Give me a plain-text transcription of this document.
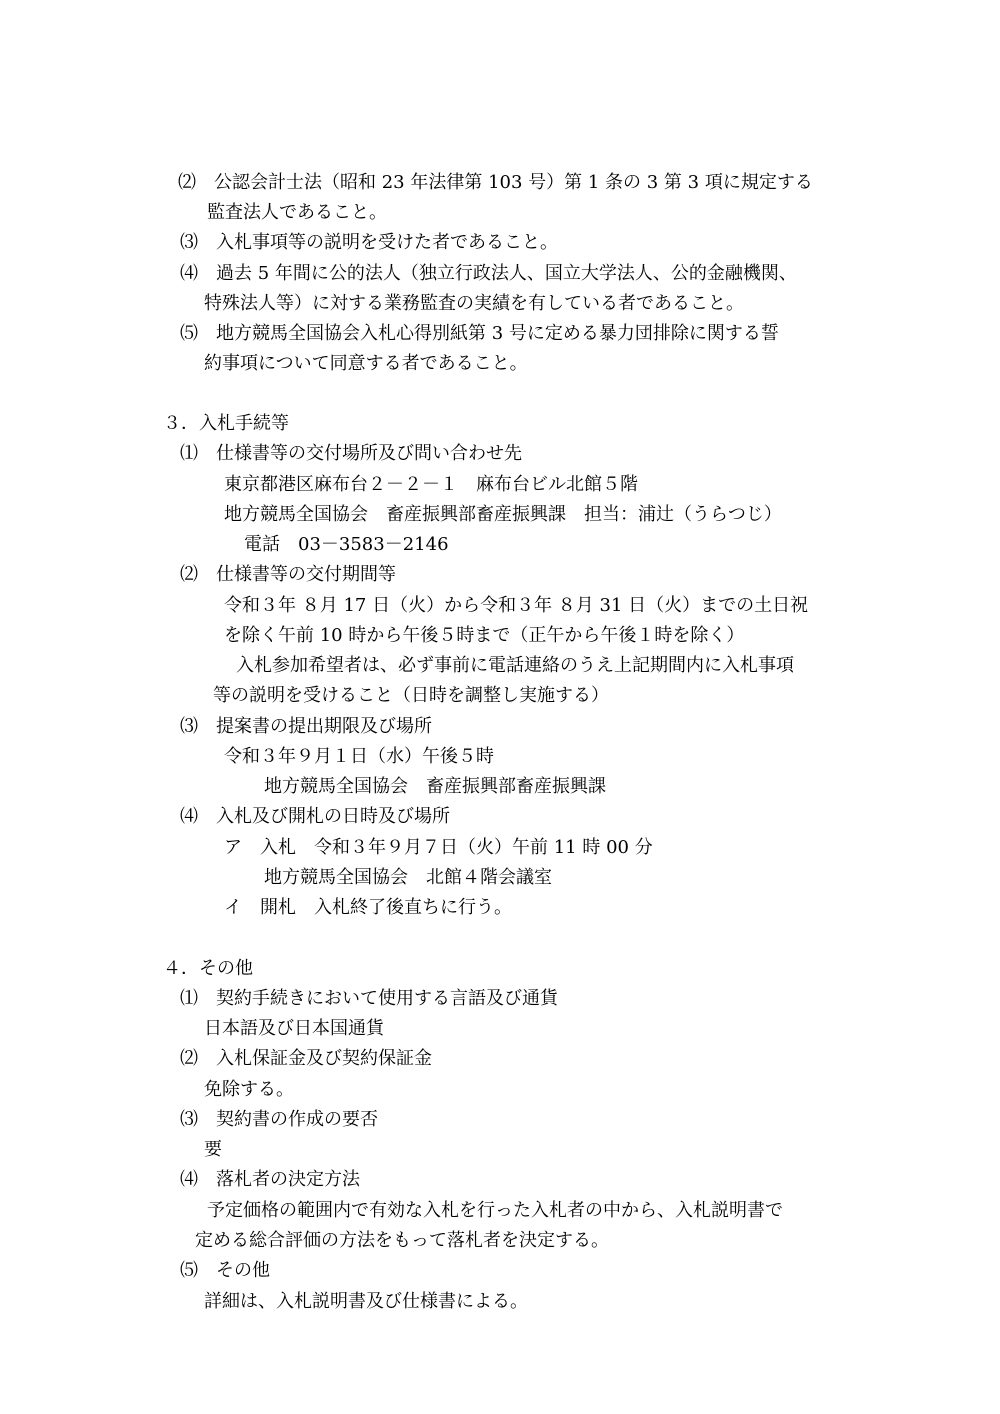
⑵　公認会計士法（昭和 23 年法律第 103 号）第 1 条の 3 第 3 項に規定する
監査法人であること。
⑶　入札事項等の説明を受けた者であること。
⑷　過去 5 年間に公的法人（独立行政法人、国立大学法人、公的金融機関、
特殊法人等）に対する業務監査の実績を有している者であること。
⑸　地方競馬全国協会入札心得別紙第 3 号に定める暴力団排除に関する誓
約事項について同意する者であること。
３．入札手続等
⑴　仕様書等の交付場所及び問い合わせ先
東京都港区麻布台２－２－１　麻布台ビル北館５階
地方競馬全国協会　畜産振興部畜産振興課　担当：浦辻（うらつじ）
電話　03－3583－2146
⑵　仕様書等の交付期間等
令和３年 ８月 17 日（火）から令和３年 ８月 31 日（火）までの土日祝
を除く午前 10 時から午後５時まで（正午から午後１時を除く）
入札参加希望者は、必ず事前に電話連絡のうえ上記期間内に入札事項
等の説明を受けること（日時を調整し実施する）
⑶　提案書の提出期限及び場所
令和３年９月１日（水）午後５時
地方競馬全国協会　畜産振興部畜産振興課
⑷　入札及び開札の日時及び場所
ア　入札　令和３年９月７日（火）午前 11 時 00 分
地方競馬全国協会　北館４階会議室
イ　開札　入札終了後直ちに行う。
４．その他
⑴　契約手続きにおいて使用する言語及び通貨
日本語及び日本国通貨
⑵　入札保証金及び契約保証金
免除する。
⑶　契約書の作成の要否
要
⑷　落札者の決定方法
予定価格の範囲内で有効な入札を行った入札者の中から、入札説明書で
定める総合評価の方法をもって落札者を決定する。
⑸　その他
詳細は、入札説明書及び仕様書による。
